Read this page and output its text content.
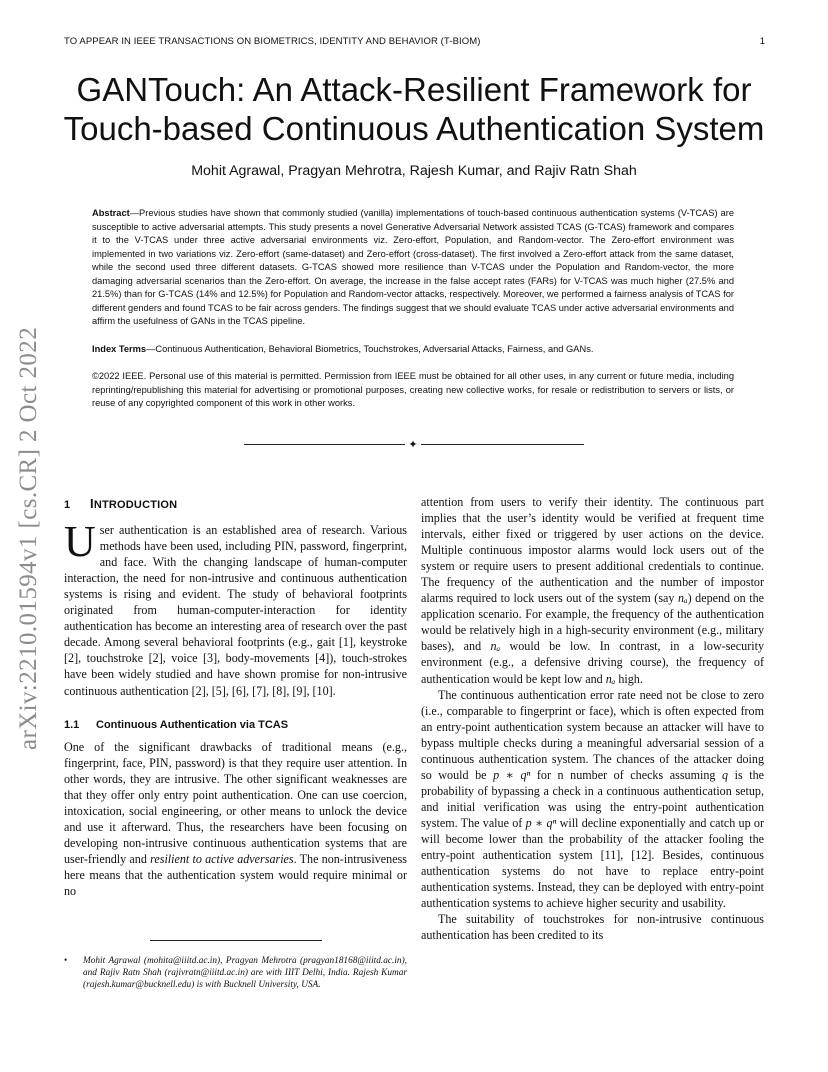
TO APPEAR IN IEEE TRANSACTIONS ON BIOMETRICS, IDENTITY AND BEHAVIOR (T-BIOM)	1
GANTouch: An Attack-Resilient Framework for
Touch-based Continuous Authentication System
Mohit Agrawal, Pragyan Mehrotra, Rajesh Kumar, and Rajiv Ratn Shah

Abstract—Previous studies have shown that commonly studied (vanilla) implementations of touch-based continuous authentication systems (V-TCAS) are susceptible to active adversarial attempts. This study presents a novel Generative Adversarial Network assisted TCAS (G-TCAS) framework and compares it to the V-TCAS under three active adversarial environments viz. Zero-effort, Population, and Random-vector. The Zero-effort environment was implemented in two variations viz. Zero-effort (same-dataset) and Zero-effort (cross-dataset). The first involved a Zero-effort attack from the same dataset, while the second used three different datasets. G-TCAS showed more resilience than V-TCAS under the Population and Random-vector, the more damaging adversarial scenarios than the Zero-effort. On average, the increase in the false accept rates (FARs) for V-TCAS was much higher (27.5% and 21.5%) than for G-TCAS (14% and 12.5%) for Population and Random-vector attacks, respectively. Moreover, we performed a fairness analysis of TCAS for different genders and found TCAS to be fair across genders. The findings suggest that we should evaluate TCAS under active adversarial environments and affirm the usefulness of GANs in the TCAS pipeline.

Index Terms—Continuous Authentication, Behavioral Biometrics, Touchstrokes, Adversarial Attacks, Fairness, and GANs.

©2022 IEEE. Personal use of this material is permitted. Permission from IEEE must be obtained for all other uses, in any current or future media, including reprinting/republishing this material for advertising or promotional purposes, creating new collective works, for resale or redistribution to servers or lists, or reuse of any copyrighted component of this work in other works.

✦
1 INTRODUCTION

User authentication is an established area of research. Various methods have been used, including PIN, password, fingerprint, and face. With the changing landscape of human-computer interaction, the need for non-intrusive and continuous authentication systems is rising and evident. The study of behavioral footprints originated from human-computer-interaction for identity authentication has become an interesting area of research over the past decade. Among several behavioral footprints (e.g., gait [1], keystroke [2], touchstroke [2], voice [3], body-movements [4]), touch-strokes have been widely studied and have shown promise for non-intrusive continuous authentication [2], [5], [6], [7], [8], [9], [10].

1.1 Continuous Authentication via TCAS

One of the significant drawbacks of traditional means (e.g., fingerprint, face, PIN, password) is that they require user attention. In other words, they are intrusive. The other significant weaknesses are that they offer only entry point authentication. One can use coercion, intoxication, social engineering, or other means to unlock the device and use it afterward. Thus, the researchers have been focusing on developing non-intrusive continuous authentication systems that are user-friendly and resilient to active adversaries. The non-intrusiveness here means that the authentication system would require minimal or no

attention from users to verify their identity. The continuous part implies that the user’s identity would be verified at frequent time intervals, either fixed or triggered by user actions on the device. Multiple continuous impostor alarms would lock users out of the system or require users to present additional credentials to continue. The frequency of the authentication and the number of impostor alarms required to lock users out of the system (say nₐ) depend on the application scenario. For example, the frequency of the authentication would be relatively high in a high-security environment (e.g., military bases), and nₐ would be low. In contrast, in a low-security environment (e.g., a defensive driving course), the frequency of authentication would be kept low and nₐ high.

The continuous authentication error rate need not be close to zero (i.e., comparable to fingerprint or face), which is often expected from an entry-point authentication system because an attacker will have to bypass multiple checks during a meaningful adversarial session of a continuous authentication system. The chances of the attacker doing so would be p ∗ qⁿ for n number of checks assuming q is the probability of bypassing a check in a continuous authentication setup, and initial verification was using the entry-point authentication system. The value of p ∗ qⁿ will decline exponentially and catch up or will become lower than the probability of the attacker fooling the entry-point authentication system [11], [12]. Besides, continuous authentication systems do not have to replace entry-point authentication systems. Instead, they can be deployed with entry-point authentication systems to achieve higher security and usability.

The suitability of touchstrokes for non-intrusive continuous authentication has been credited to its

• Mohit Agrawal (mohita@iiitd.ac.in), Pragyan Mehrotra (pragyan18168@iiitd.ac.in), and Rajiv Ratn Shah (rajivratn@iiitd.ac.in) are with IIIT Delhi, India. Rajesh Kumar (rajesh.kumar@bucknell.edu) is with Bucknell University, USA.
arXiv:2210.01594v1 [cs.CR] 2 Oct 2022
